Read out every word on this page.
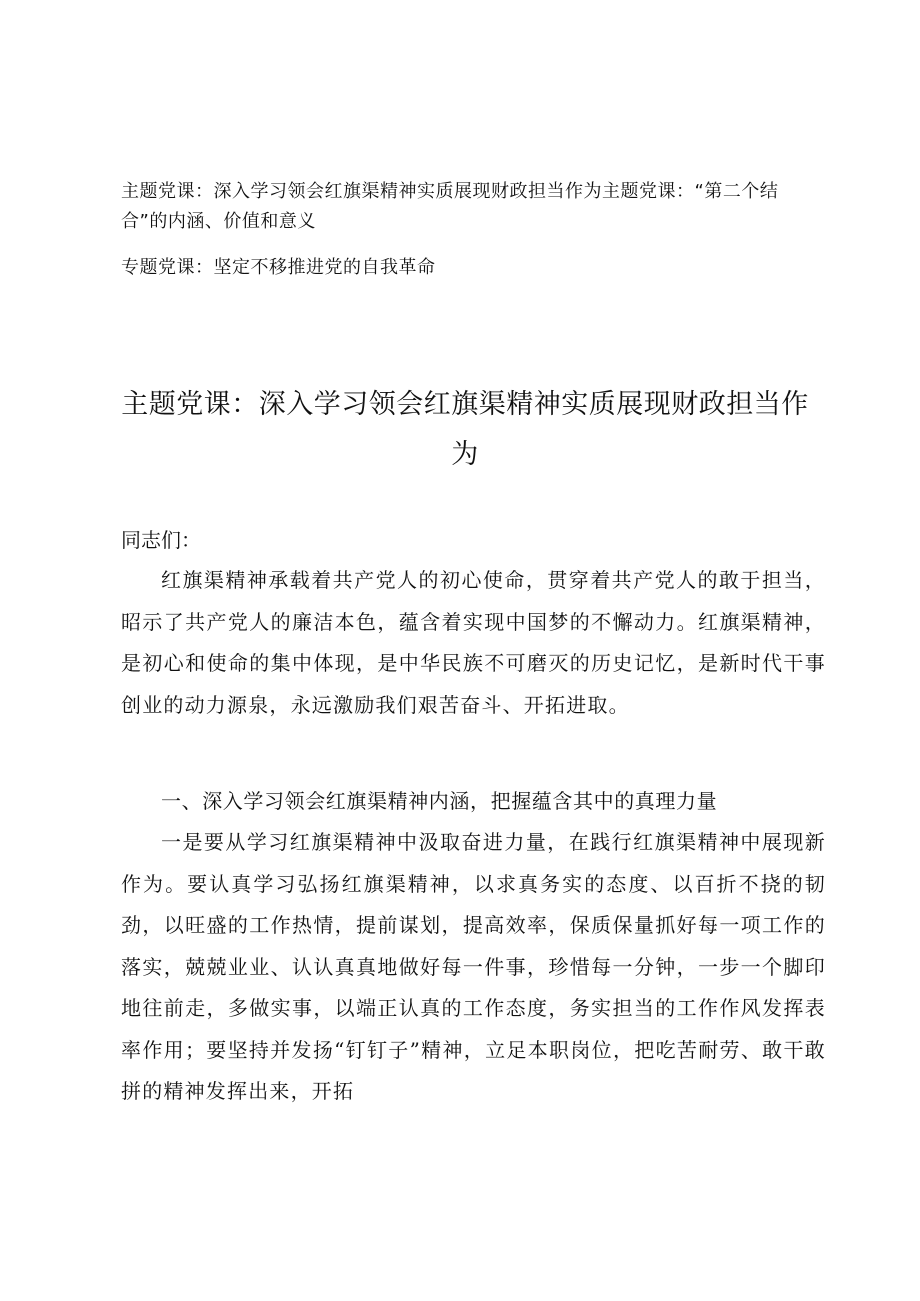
主题党课：深入学习领会红旗渠精神实质展现财政担当作为主题党课：“第二个结合”的内涵、价值和意义

专题党课：坚定不移推进党的自我革命

主题党课：深入学习领会红旗渠精神实质展现财政担当作为

同志们：

红旗渠精神承载着共产党人的初心使命，贯穿着共产党人的敢于担当，昭示了共产党人的廉洁本色，蕴含着实现中国梦的不懈动力。红旗渠精神，是初心和使命的集中体现，是中华民族不可磨灭的历史记忆，是新时代干事创业的动力源泉，永远激励我们艰苦奋斗、开拓进取。

一、深入学习领会红旗渠精神内涵，把握蕴含其中的真理力量

一是要从学习红旗渠精神中汲取奋进力量，在践行红旗渠精神中展现新作为。要认真学习弘扬红旗渠精神，以求真务实的态度、以百折不挠的韧劲，以旺盛的工作热情，提前谋划，提高效率，保质保量抓好每一项工作的落实，兢兢业业、认认真真地做好每一件事，珍惜每一分钟，一步一个脚印地往前走，多做实事，以端正认真的工作态度，务实担当的工作作风发挥表率作用；要坚持并发扬“钉钉子”精神，立足本职岗位，把吃苦耐劳、敢干敢拼的精神发挥出来，开拓
